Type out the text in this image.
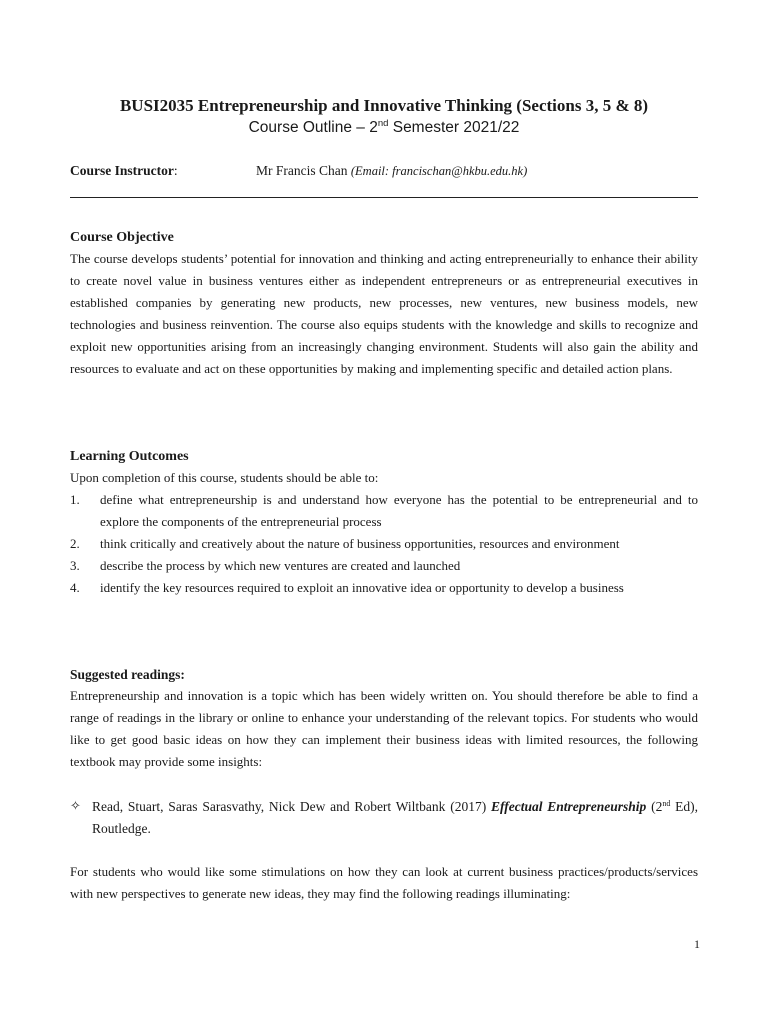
BUSI2035 Entrepreneurship and Innovative Thinking (Sections 3, 5 & 8)
Course Outline – 2nd Semester 2021/22
Course Instructor:	Mr Francis Chan (Email: francischan@hkbu.edu.hk)
Course Objective
The course develops students’ potential for innovation and thinking and acting entrepreneurially to enhance their ability to create novel value in business ventures either as independent entrepreneurs or as entrepreneurial executives in established companies by generating new products, new processes, new ventures, new business models, new technologies and business reinvention. The course also equips students with the knowledge and skills to recognize and exploit new opportunities arising from an increasingly changing environment. Students will also gain the ability and resources to evaluate and act on these opportunities by making and implementing specific and detailed action plans.
Learning Outcomes
Upon completion of this course, students should be able to:
1. define what entrepreneurship is and understand how everyone has the potential to be entrepreneurial and to explore the components of the entrepreneurial process
2. think critically and creatively about the nature of business opportunities, resources and environment
3. describe the process by which new ventures are created and launched
4. identify the key resources required to exploit an innovative idea or opportunity to develop a business
Suggested readings:
Entrepreneurship and innovation is a topic which has been widely written on. You should therefore be able to find a range of readings in the library or online to enhance your understanding of the relevant topics. For students who would like to get good basic ideas on how they can implement their business ideas with limited resources, the following textbook may provide some insights:
✧ Read, Stuart, Saras Sarasvathy, Nick Dew and Robert Wiltbank (2017) Effectual Entrepreneurship (2nd Ed), Routledge.
For students who would like some stimulations on how they can look at current business practices/products/services with new perspectives to generate new ideas, they may find the following readings illuminating:
1
